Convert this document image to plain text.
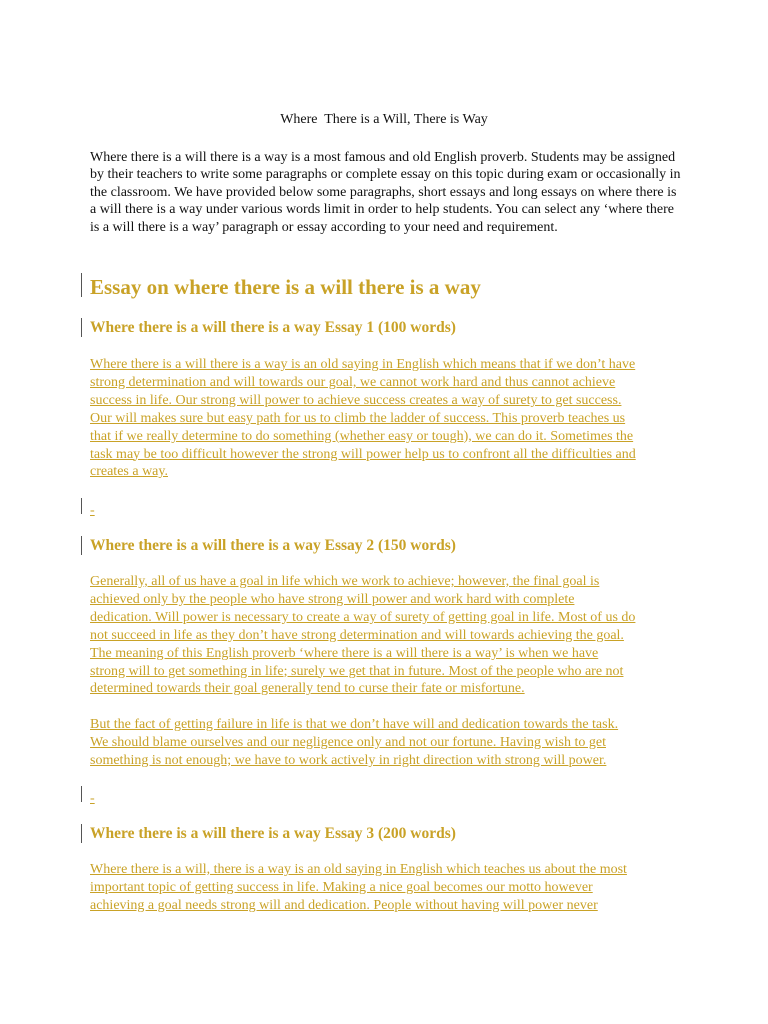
Where  There is a Will, There is Way

Where there is a will there is a way is a most famous and old English proverb. Students may be assigned by their teachers to write some paragraphs or complete essay on this topic during exam or occasionally in the classroom. We have provided below some paragraphs, short essays and long essays on where there is a will there is a way under various words limit in order to help students. You can select any ‘where there is a will there is a way’ paragraph or essay according to your need and requirement.

Essay on where there is a will there is a way
Where there is a will there is a way Essay 1 (100 words)
Where there is a will there is a way is an old saying in English which means that if we don’t have
strong determination and will towards our goal, we cannot work hard and thus cannot achieve
success in life. Our strong will power to achieve success creates a way of surety to get success.
Our will makes sure but easy path for us to climb the ladder of success. This proverb teaches us
that if we really determine to do something (whether easy or tough), we can do it. Sometimes the
task may be too difficult however the strong will power help us to confront all the difficulties and
creates a way.
-
Where there is a will there is a way Essay 2 (150 words)
Generally, all of us have a goal in life which we work to achieve; however, the final goal is
achieved only by the people who have strong will power and work hard with complete
dedication. Will power is necessary to create a way of surety of getting goal in life. Most of us do
not succeed in life as they don’t have strong determination and will towards achieving the goal.
The meaning of this English proverb ‘where there is a will there is a way’ is when we have
strong will to get something in life; surely we get that in future. Most of the people who are not
determined towards their goal generally tend to curse their fate or misfortune.
But the fact of getting failure in life is that we don’t have will and dedication towards the task.
We should blame ourselves and our negligence only and not our fortune. Having wish to get
something is not enough; we have to work actively in right direction with strong will power.
-
Where there is a will there is a way Essay 3 (200 words)
Where there is a will, there is a way is an old saying in English which teaches us about the most
important topic of getting success in life. Making a nice goal becomes our motto however
achieving a goal needs strong will and dedication. People without having will power never
